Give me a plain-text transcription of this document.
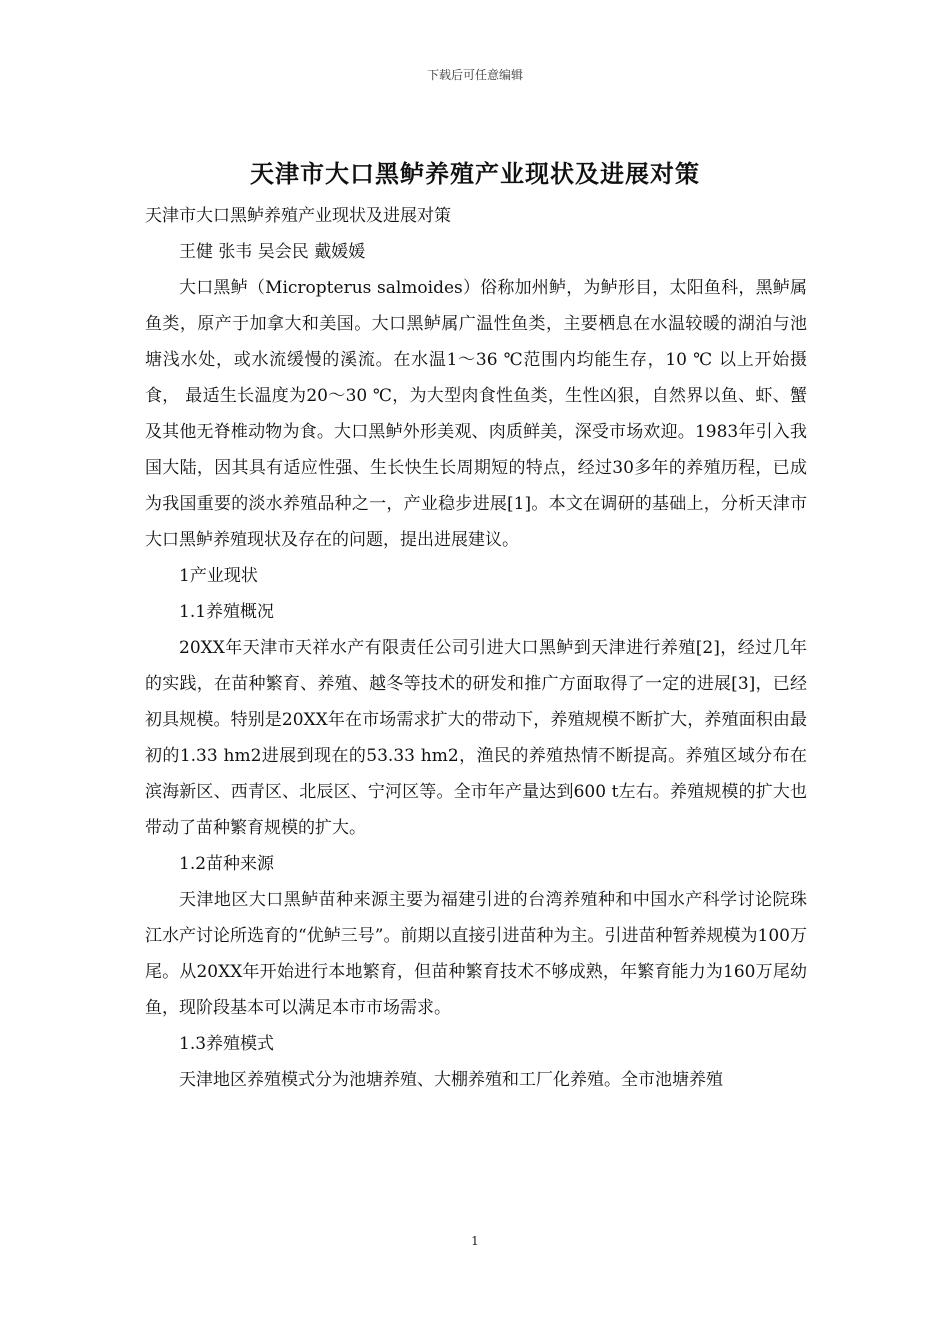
下载后可任意编辑
天津市大口黑鲈养殖产业现状及进展对策

天津市大口黑鲈养殖产业现状及进展对策

王健 张韦 吴会民 戴媛媛

大口黑鲈（Micropterus salmoides）俗称加州鲈，为鲈形目，太阳鱼科，黑鲈属鱼类，原产于加拿大和美国。大口黑鲈属广温性鱼类，主要栖息在水温较暖的湖泊与池塘浅水处，或水流缓慢的溪流。在水温1～36 ℃范围内均能生存，10 ℃ 以上开始摄食， 最适生长温度为20～30 ℃，为大型肉食性鱼类，生性凶狠，自然界以鱼、虾、蟹及其他无脊椎动物为食。大口黑鲈外形美观、肉质鲜美，深受市场欢迎。1983年引入我国大陆，因其具有适应性强、生长快生长周期短的特点，经过30多年的养殖历程，已成为我国重要的淡水养殖品种之一，产业稳步进展[1]。本文在调研的基础上，分析天津市大口黑鲈养殖现状及存在的问题，提出进展建议。

1产业现状

1.1养殖概况

20XX年天津市天祥水产有限责任公司引进大口黑鲈到天津进行养殖[2]，经过几年的实践，在苗种繁育、养殖、越冬等技术的研发和推广方面取得了一定的进展[3]，已经初具规模。特别是20XX年在市场需求扩大的带动下，养殖规模不断扩大，养殖面积由最初的1.33 hm2进展到现在的53.33 hm2，渔民的养殖热情不断提高。养殖区域分布在滨海新区、西青区、北辰区、宁河区等。全市年产量达到600 t左右。养殖规模的扩大也带动了苗种繁育规模的扩大。

1.2苗种来源

天津地区大口黑鲈苗种来源主要为福建引进的台湾养殖种和中国水产科学讨论院珠江水产讨论所选育的“优鲈三号”。前期以直接引进苗种为主。引进苗种暂养规模为100万尾。从20XX年开始进行本地繁育，但苗种繁育技术不够成熟，年繁育能力为160万尾幼鱼，现阶段基本可以满足本市市场需求。

1.3养殖模式

天津地区养殖模式分为池塘养殖、大棚养殖和工厂化养殖。全市池塘养殖

1
